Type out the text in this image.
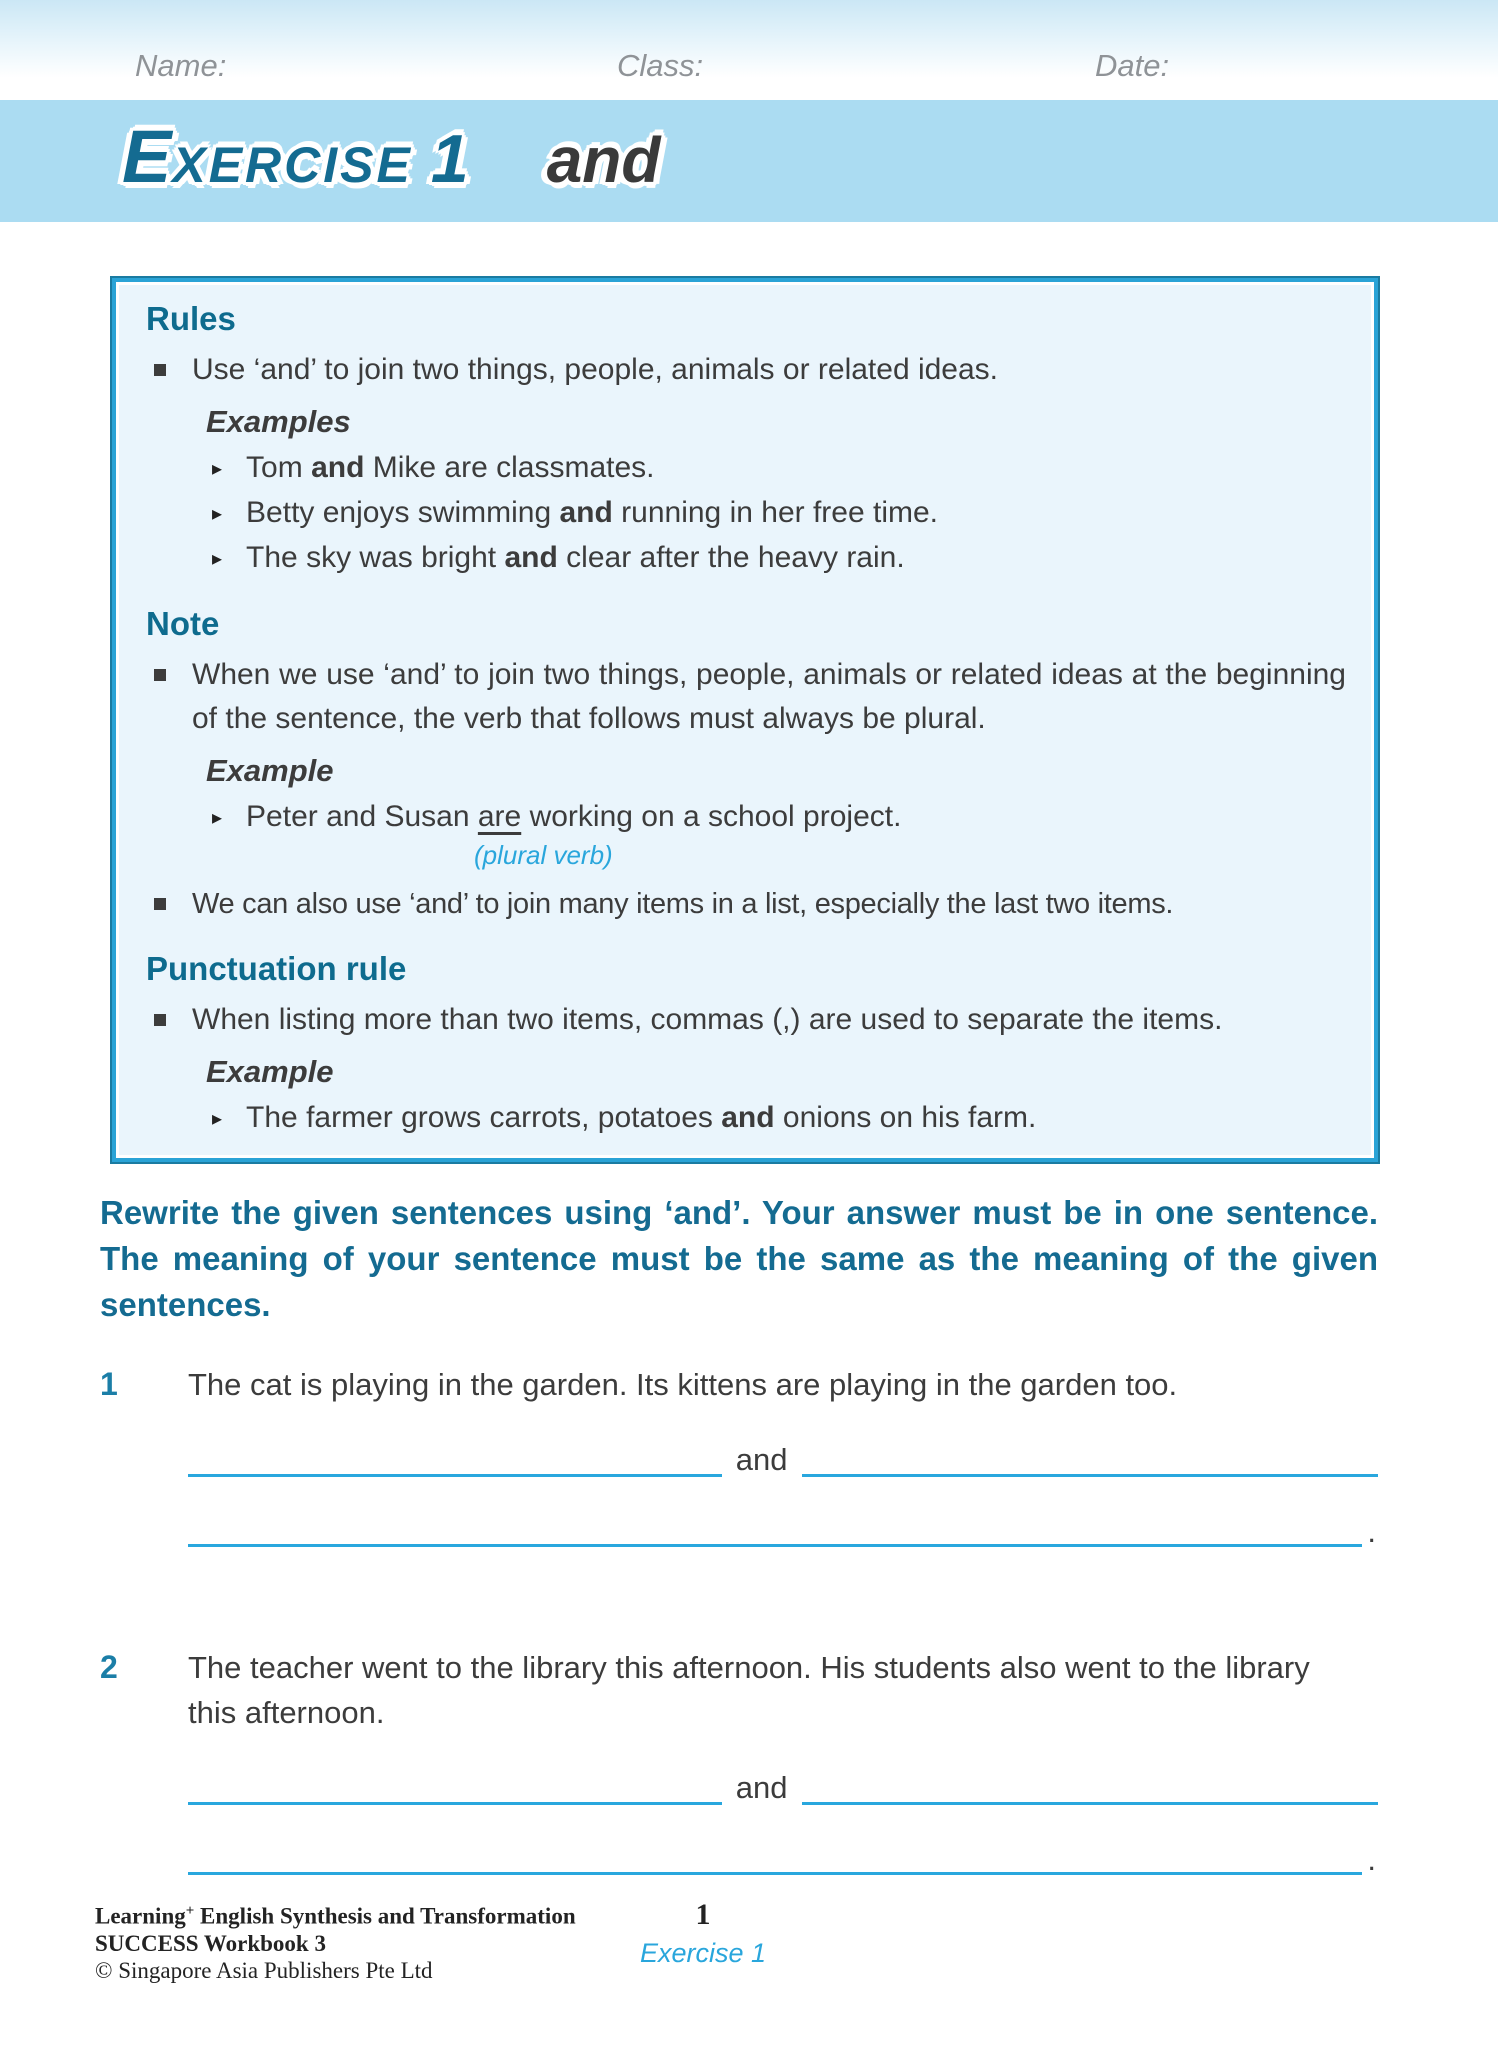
Name:	Class:	Date:
E XERCISE 1 and
Rules

Use ‘and’ to join two things, people, animals or related ideas.

Examples
▸ Tom and Mike are classmates.

▸ Betty enjoys swimming and running in her free time.

▸ The sky was bright and clear after the heavy rain.

Note

When we use ‘and’ to join two things, people, animals or related ideas at the beginning of the sentence, the verb that follows must always be plural.

Example
▸ Peter and Susan are working on a school project.

(plural verb)

We can also use ‘and’ to join many items in a list, especially the last two items.

Punctuation rule

When listing more than two items, commas (,) are used to separate the items.

Example
▸ The farmer grows carrots, potatoes and onions on his farm.

Rewrite the given sentences using ‘and’. Your answer must be in one sentence. The meaning of your sentence must be the same as the meaning of the given sentences.
1	The cat is playing in the garden. Its kittens are playing in the garden too.
and
.
2	The teacher went to the library this afternoon. His students also went to the library this afternoon.
and
.
Learning+ English Synthesis and Transformation
SUCCESS Workbook 3
© Singapore Asia Publishers Pte Ltd
1
Exercise 1
